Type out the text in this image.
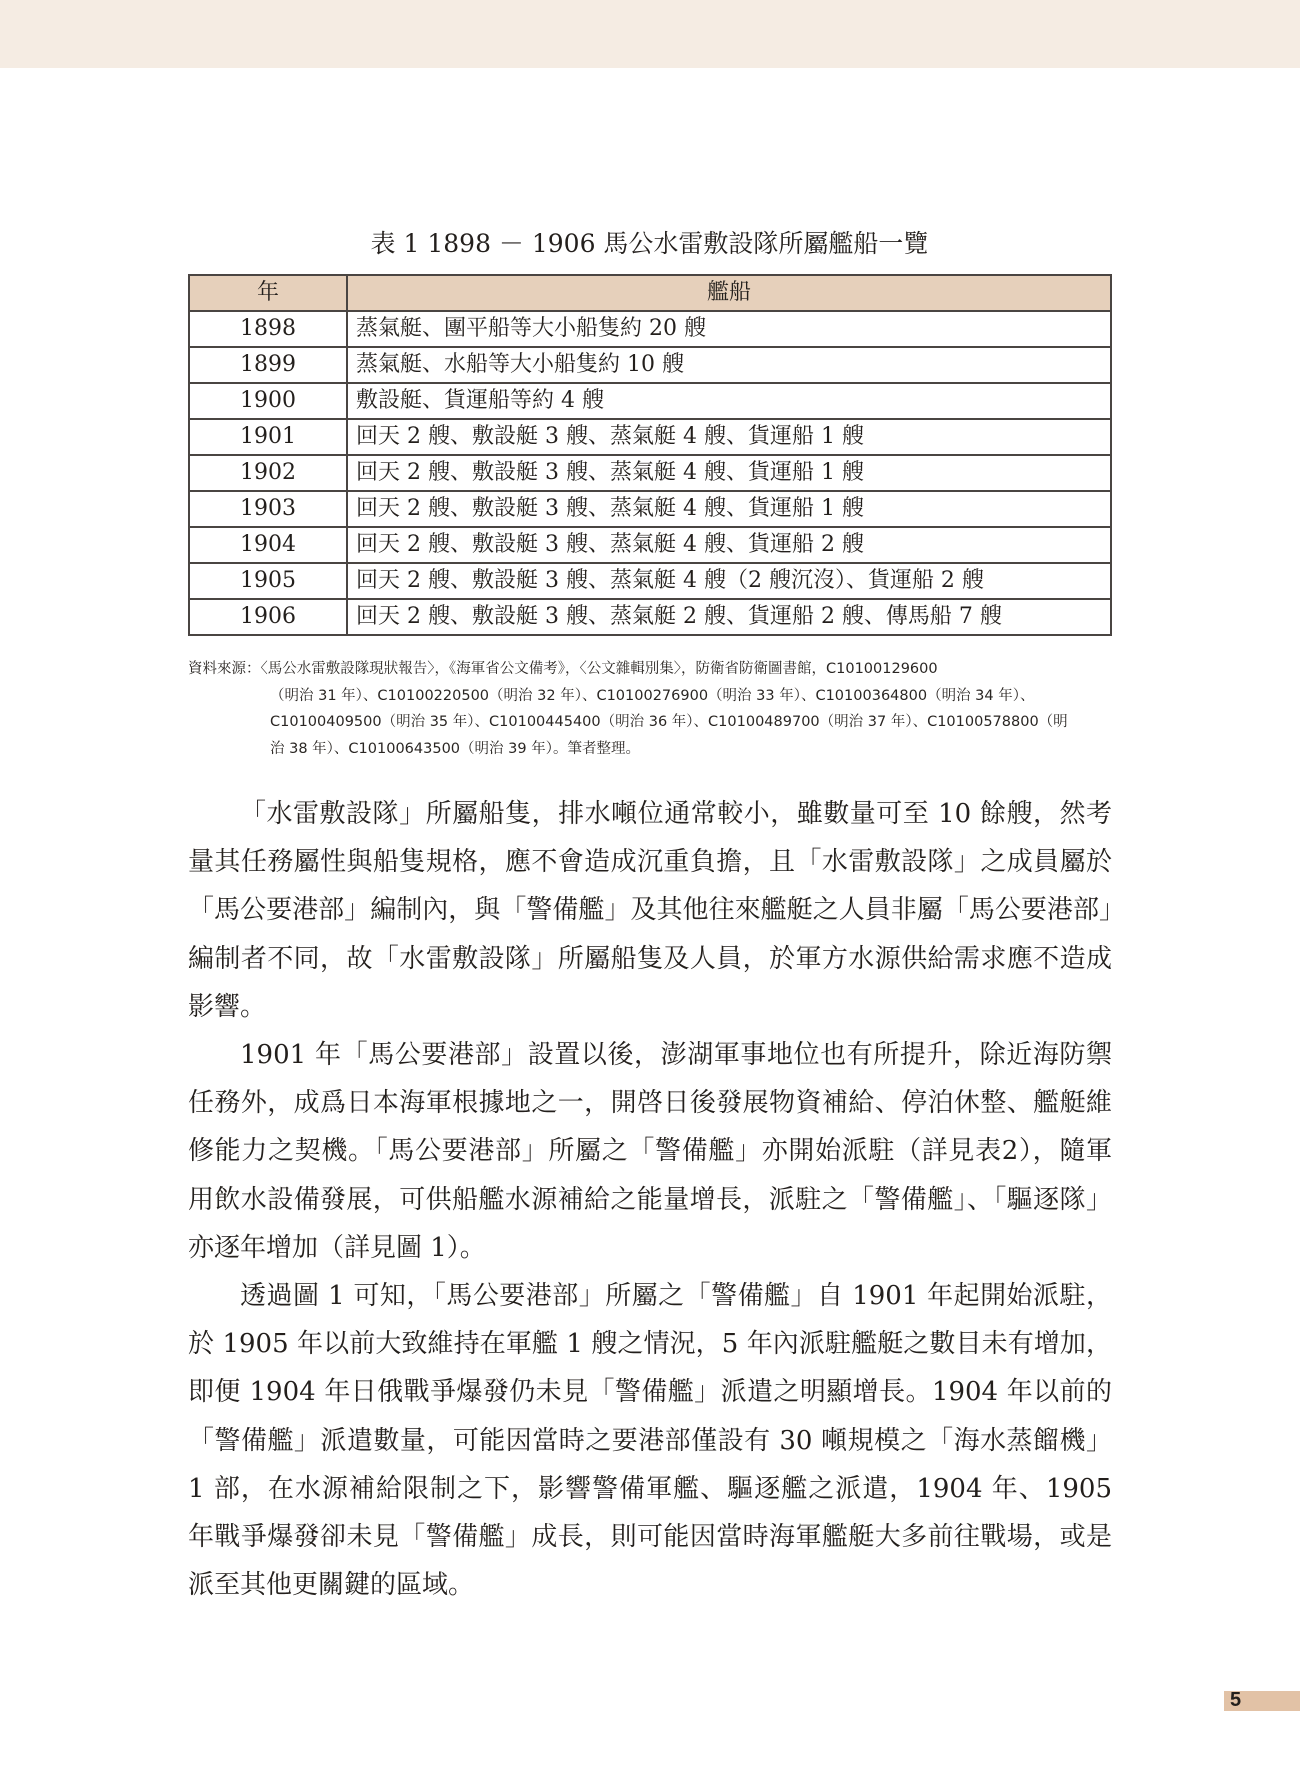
表 1 1898 － 1906 馬公水雷敷設隊所屬艦船一覽
年	艦船
1898	蒸氣艇、團平船等大小船隻約 20 艘
1899	蒸氣艇、水船等大小船隻約 10 艘
1900	敷設艇、貨運船等約 4 艘
1901	回天 2 艘、敷設艇 3 艘、蒸氣艇 4 艘、貨運船 1 艘
1902	回天 2 艘、敷設艇 3 艘、蒸氣艇 4 艘、貨運船 1 艘
1903	回天 2 艘、敷設艇 3 艘、蒸氣艇 4 艘、貨運船 1 艘
1904	回天 2 艘、敷設艇 3 艘、蒸氣艇 4 艘、貨運船 2 艘
1905	回天 2 艘、敷設艇 3 艘、蒸氣艇 4 艘（2 艘沉沒）、貨運船 2 艘
1906	回天 2 艘、敷設艇 3 艘、蒸氣艇 2 艘、貨運船 2 艘、傳馬船 7 艘
資料來源：〈馬公水雷敷設隊現狀報告〉，《海軍省公文備考》，〈公文雜輯別集〉，防衛省防衛圖書館，C10100129600
（明治 31 年）、C10100220500（明治 32 年）、C10100276900（明治 33 年）、C10100364800（明治 34 年）、
C10100409500（明治 35 年）、C10100445400（明治 36 年）、C10100489700（明治 37 年）、C10100578800（明
治 38 年）、C10100643500（明治 39 年）。筆者整理。

「水雷敷設隊」所屬船隻，排水噸位通常較小，雖數量可至 10 餘艘，然考量其任務屬性與船隻規格，應不會造成沉重負擔，且「水雷敷設隊」之成員屬於「馬公要港部」編制內，與「警備艦」及其他往來艦艇之人員非屬「馬公要港部」編制者不同，故「水雷敷設隊」所屬船隻及人員，於軍方水源供給需求應不造成影響。

1901 年「馬公要港部」設置以後，澎湖軍事地位也有所提升，除近海防禦任務外，成爲日本海軍根據地之一，開啓日後發展物資補給、停泊休整、艦艇維修能力之契機。「馬公要港部」所屬之「警備艦」亦開始派駐（詳見表2），隨軍用飲水設備發展，可供船艦水源補給之能量增長，派駐之「警備艦」、「驅逐隊」亦逐年增加（詳見圖 1）。

透過圖 1 可知，「馬公要港部」所屬之「警備艦」自 1901 年起開始派駐，於 1905 年以前大致維持在軍艦 1 艘之情況，5 年內派駐艦艇之數目未有增加，即便 1904 年日俄戰爭爆發仍未見「警備艦」派遣之明顯增長。1904 年以前的「警備艦」派遣數量，可能因當時之要港部僅設有 30 噸規模之「海水蒸餾機」1 部，在水源補給限制之下，影響警備軍艦、驅逐艦之派遣，1904 年、1905 年戰爭爆發卻未見「警備艦」成長，則可能因當時海軍艦艇大多前往戰場，或是派至其他更關鍵的區域。

5
